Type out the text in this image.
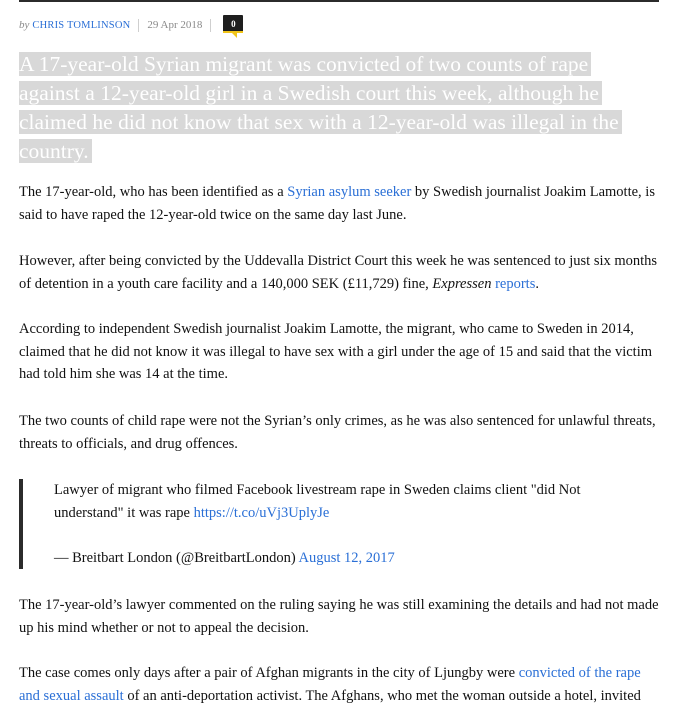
by CHRIS TOMLINSON 29 Apr 2018	0
A 17-year-old Syrian migrant was convicted of two counts of rape against a 12-year-old girl in a Swedish court this week, although he claimed he did not know that sex with a 12-year-old was illegal in the country.
The 17-year-old, who has been identified as a Syrian asylum seeker by Swedish journalist Joakim Lamotte, is said to have raped the 12-year-old twice on the same day last June.
However, after being convicted by the Uddevalla District Court this week he was sentenced to just six months of detention in a youth care facility and a 140,000 SEK (£11,729) fine, Expressen reports.
According to independent Swedish journalist Joakim Lamotte, the migrant, who came to Sweden in 2014, claimed that he did not know it was illegal to have sex with a girl under the age of 15 and said that the victim had told him she was 14 at the time.
The two counts of child rape were not the Syrian’s only crimes, as he was also sentenced for unlawful threats, threats to officials, and drug offences.
Lawyer of migrant who filmed Facebook livestream rape in Sweden claims client "did Not understand" it was rape https://t.co/uVj3UplyJe
— Breitbart London (@BreitbartLondon) August 12, 2017
The 17-year-old’s lawyer commented on the ruling saying he was still examining the details and had not made up his mind whether or not to appeal the decision.
The case comes only days after a pair of Afghan migrants in the city of Ljungby were convicted of the rape and sexual assault of an anti-deportation activist. The Afghans, who met the woman outside a hotel, invited
